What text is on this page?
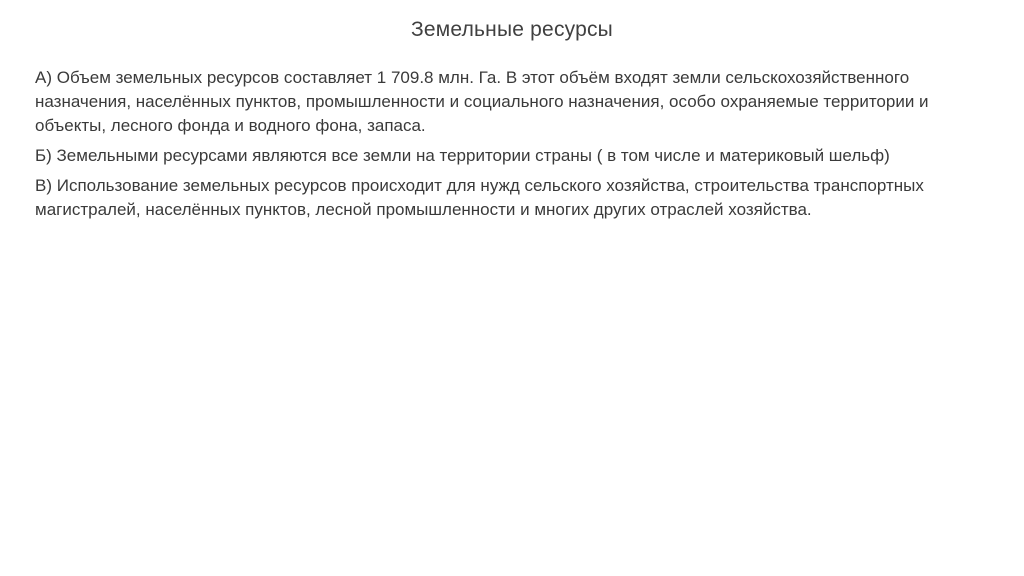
Земельные ресурсы

А) Объем земельных ресурсов составляет 1 709.8 млн. Га. В этот объём входят земли сельскохозяйственного назначения, населённых пунктов, промышленности и социального назначения, особо охраняемые территории и объекты, лесного фонда и водного фона, запаса.

Б) Земельными ресурсами являются все земли на территории страны ( в том числе и материковый шельф)

В) Использование земельных ресурсов происходит для нужд сельского хозяйства, строительства транспортных магистралей, населённых пунктов, лесной промышленности и многих других отраслей хозяйства.
